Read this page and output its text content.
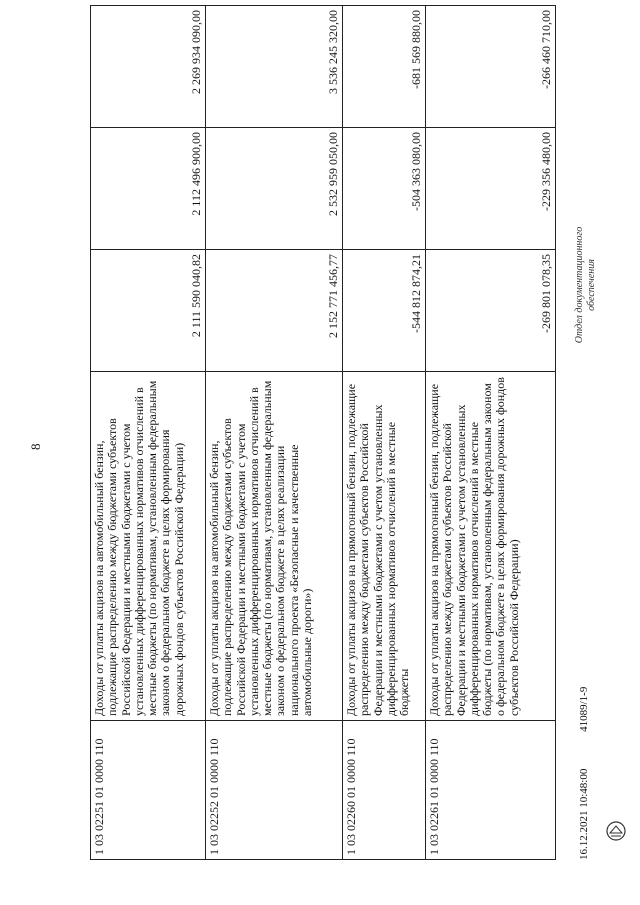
8
1 03 02251 01 0000 110	Доходы от уплаты акцизов на автомобильный бензин, подлежащие распределению между бюджетами субъектов Российской Федерации и местными бюджетами с учетом установленных дифференцированных нормативов отчислений в местные бюджеты (по нормативам, установленным федеральным законом о федеральном бюджете в целях формирования дорожных фондов субъектов Российской Федерации)	2 111 590 040,82	2 112 496 900,00	2 269 934 090,00
1 03 02252 01 0000 110	Доходы от уплаты акцизов на автомобильный бензин, подлежащие распределению между бюджетами субъектов Российской Федерации и местными бюджетами с учетом установленных дифференцированных нормативов отчислений в местные бюджеты (по нормативам, установленным федеральным законом о федеральном бюджете в целях реализации национального проекта «Безопасные и качественные автомобильные дороги»)	2 152 771 456,77	2 532 959 050,00	3 536 245 320,00
1 03 02260 01 0000 110	Доходы от уплаты акцизов на прямогонный бензин, подлежащие распределению между бюджетами субъектов Российской Федерации и местными бюджетами с учетом установленных дифференцированных нормативов отчислений в местные бюджеты	-544 812 874,21	-504 363 080,00	-681 569 880,00
1 03 02261 01 0000 110	Доходы от уплаты акцизов на прямогонный бензин, подлежащие распределению между бюджетами субъектов Российской Федерации и местными бюджетами с учетом установленных дифференцированных нормативов отчислений в местные бюджеты (по нормативам, установленным федеральным законом о федеральном бюджете в целях формирования дорожных фондов субъектов Российской Федерации)	-269 801 078,35	-229 356 480,00	-266 460 710,00
16.12.2021 10:48:00 41089/1-9
Отдел документационного обеспечения
